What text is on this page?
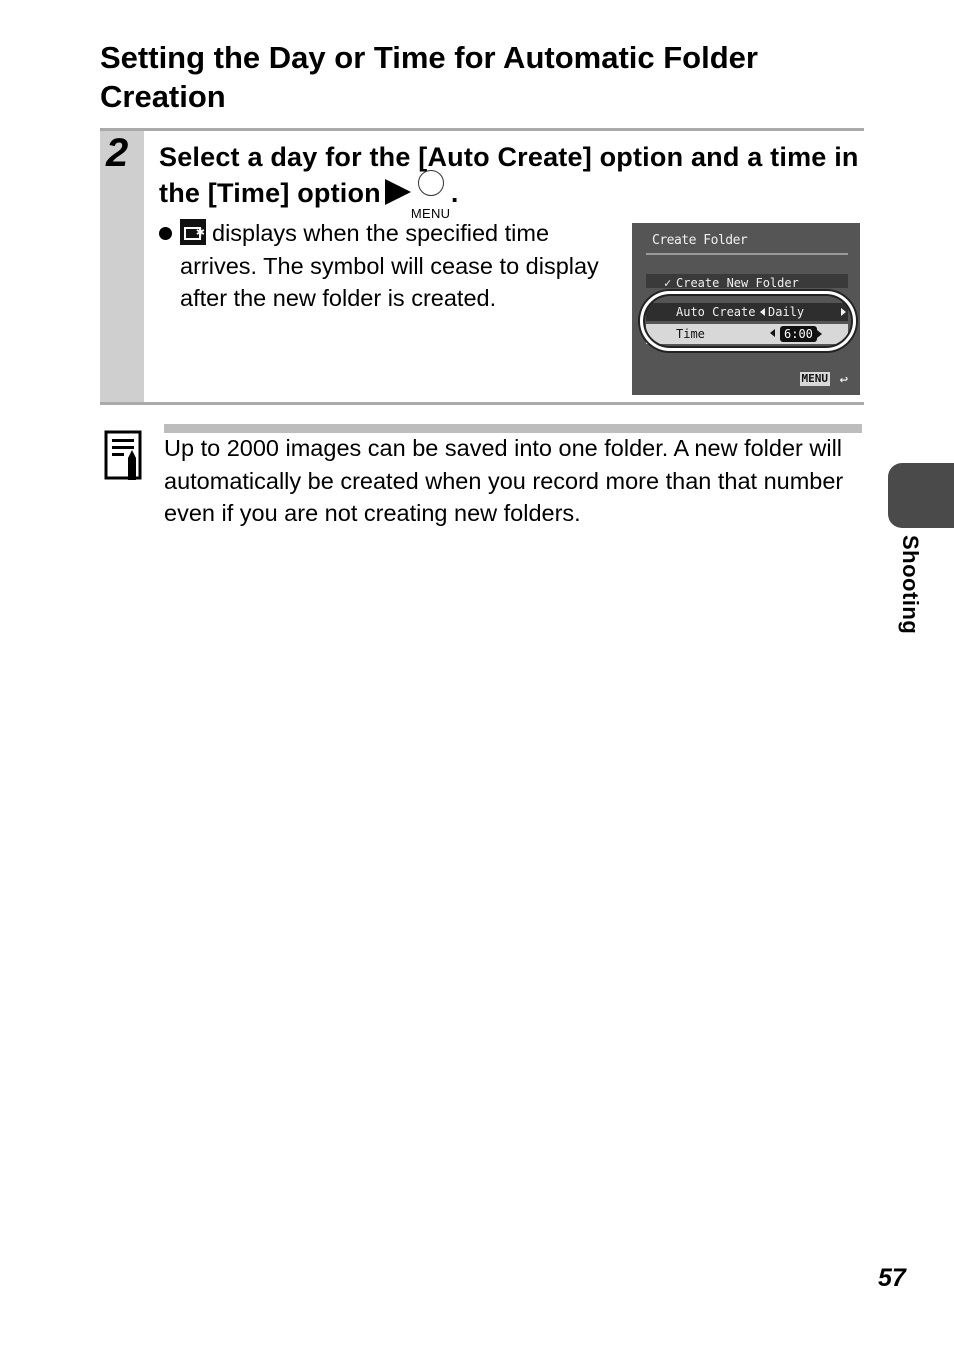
Setting the Day or Time for Automatic Folder Creation
2 Select a day for the [Auto Create] option and a time in the [Time] option
MENU
.
✱displays when the specified time
arrives. The symbol will cease to display after the new folder is created.
Create Folder
✓ Create New Folder
Auto Create Daily
Time	6:00
MENU ↩
Up to 2000 images can be saved into one folder. A new folder will automatically be created when you record more than that number even if you are not creating new folders.
Shooting
57
